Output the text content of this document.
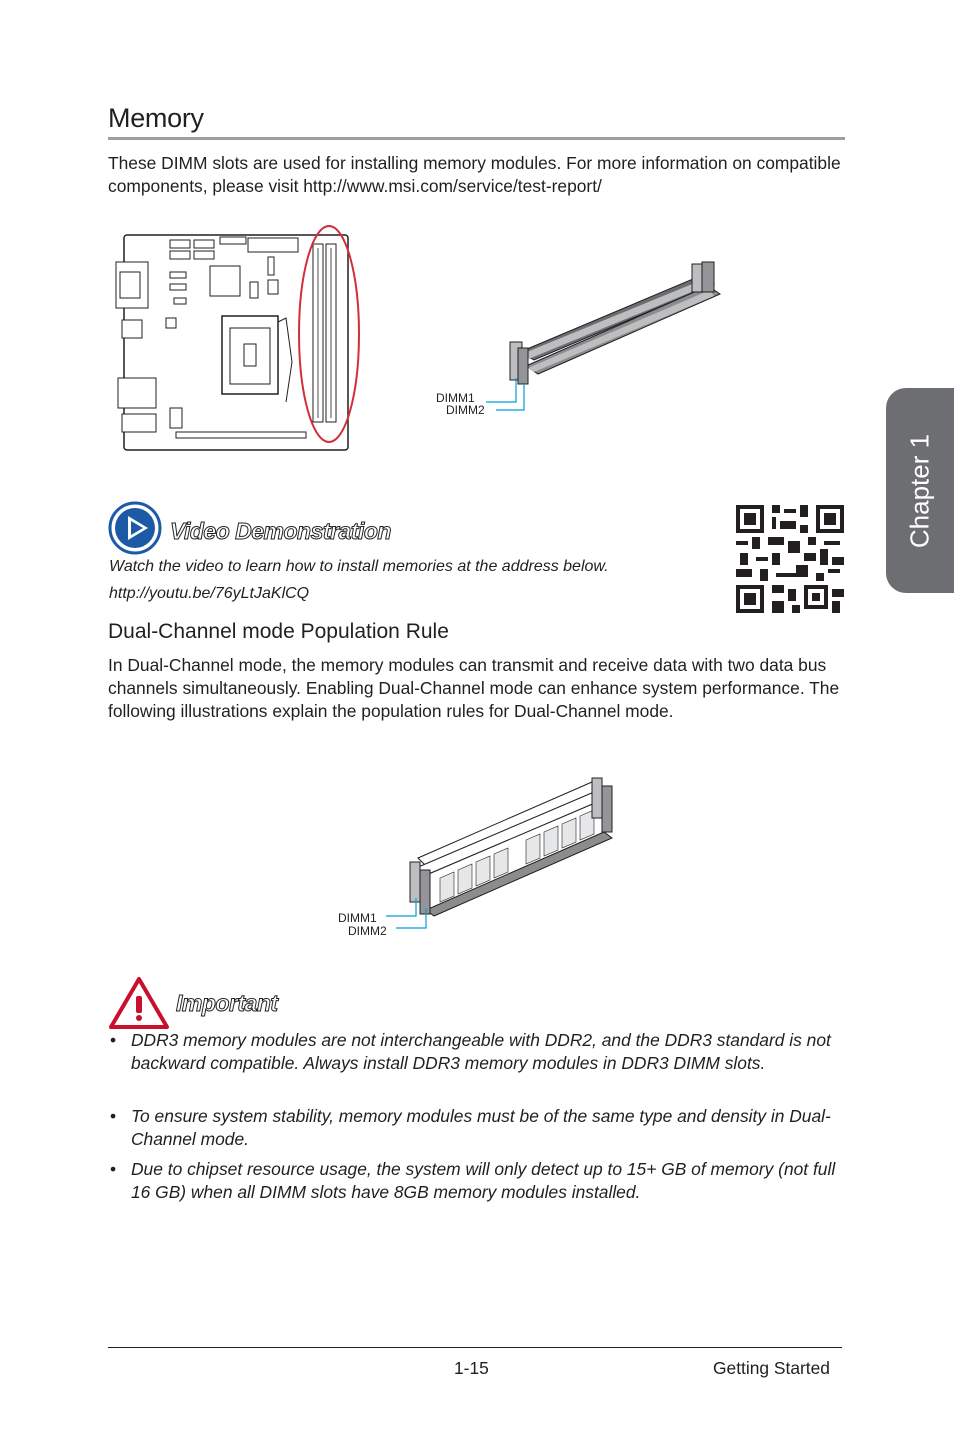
Memory

These DIMM slots are used for installing memory modules. For more information on compatible components, please visit http://www.msi.com/service/test-report/

Chapter 1
DIMM1
DIMM2
Video Demonstration
Watch the video to learn how to install memories at the address below.
http://youtu.be/76yLtJaKlCQ
Dual-Channel mode Population Rule

In Dual-Channel mode, the memory modules can transmit and receive data with two data bus channels simultaneously. Enabling Dual-Channel mode can enhance system performance. The following illustrations explain the population rules for Dual-Channel mode.

DIMM1
DIMM2
Important
• DDR3 memory modules are not interchangeable with DDR2, and the DDR3 standard is not backward compatible. Always install DDR3 memory modules in DDR3 DIMM slots.
• To ensure system stability, memory modules must be of the same type and density in Dual-Channel mode.
• Due to chipset resource usage, the system will only detect up to 15+ GB of memory (not full 16 GB) when all DIMM slots have 8GB memory modules installed.
1-15	Getting Started
